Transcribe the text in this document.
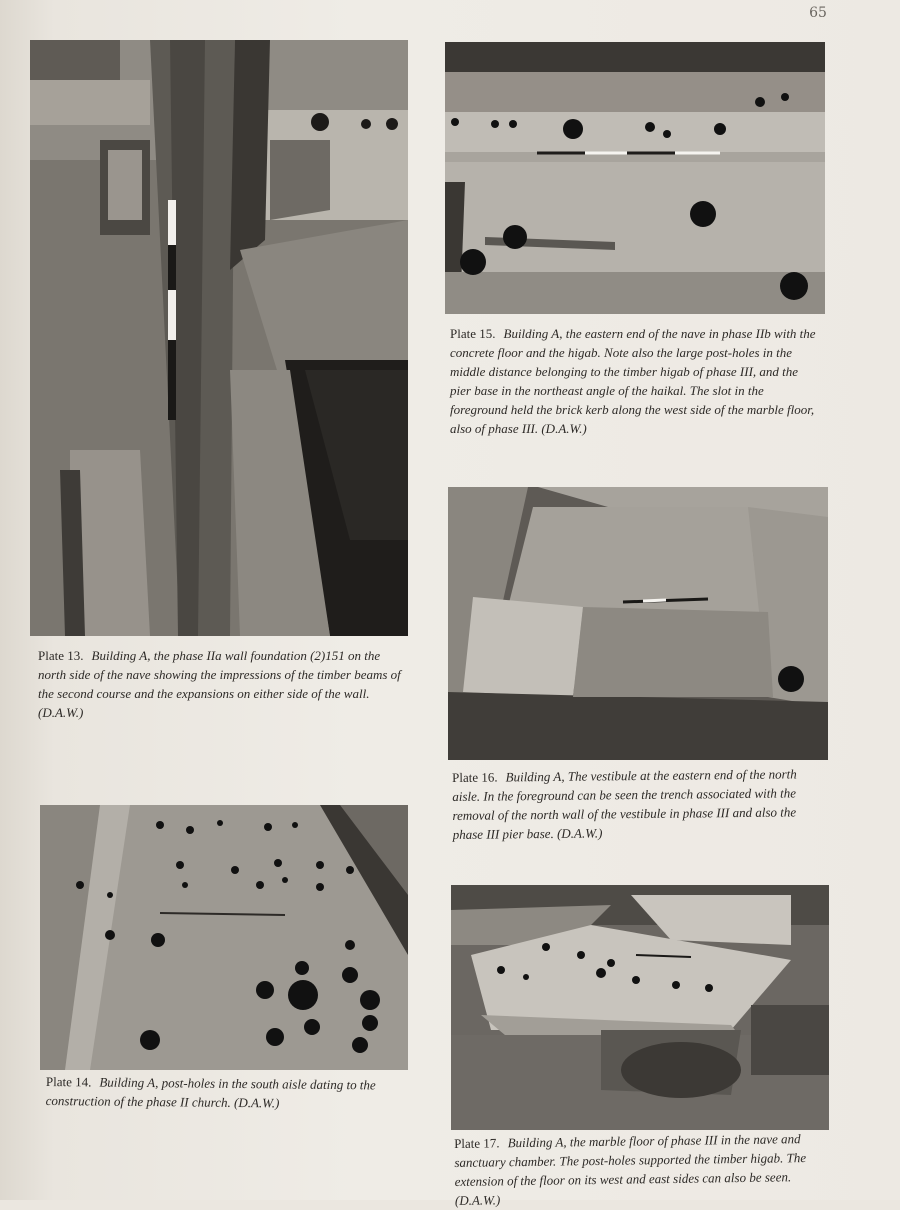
65

Plate 13. Building A, the phase IIa wall foundation (2)151 on the north side of the nave showing the impressions of the timber beams of the second course and the expansions on either side of the wall. (D.A.W.)

Plate 14. Building A, post-holes in the south aisle dating to the construction of the phase II church. (D.A.W.)

Plate 15. Building A, the eastern end of the nave in phase IIb with the concrete floor and the higab. Note also the large post-holes in the middle distance belonging to the timber higab of phase III, and the pier base in the northeast angle of the haikal. The slot in the foreground held the brick kerb along the west side of the marble floor, also of phase III. (D.A.W.)

Plate 16. Building A, The vestibule at the eastern end of the north aisle. In the foreground can be seen the trench associated with the removal of the north wall of the vestibule in phase III and also the phase III pier base. (D.A.W.)

Plate 17. Building A, the marble floor of phase III in the nave and sanctuary chamber. The post-holes supported the timber higab. The extension of the floor on its west and east sides can also be seen. (D.A.W.)
